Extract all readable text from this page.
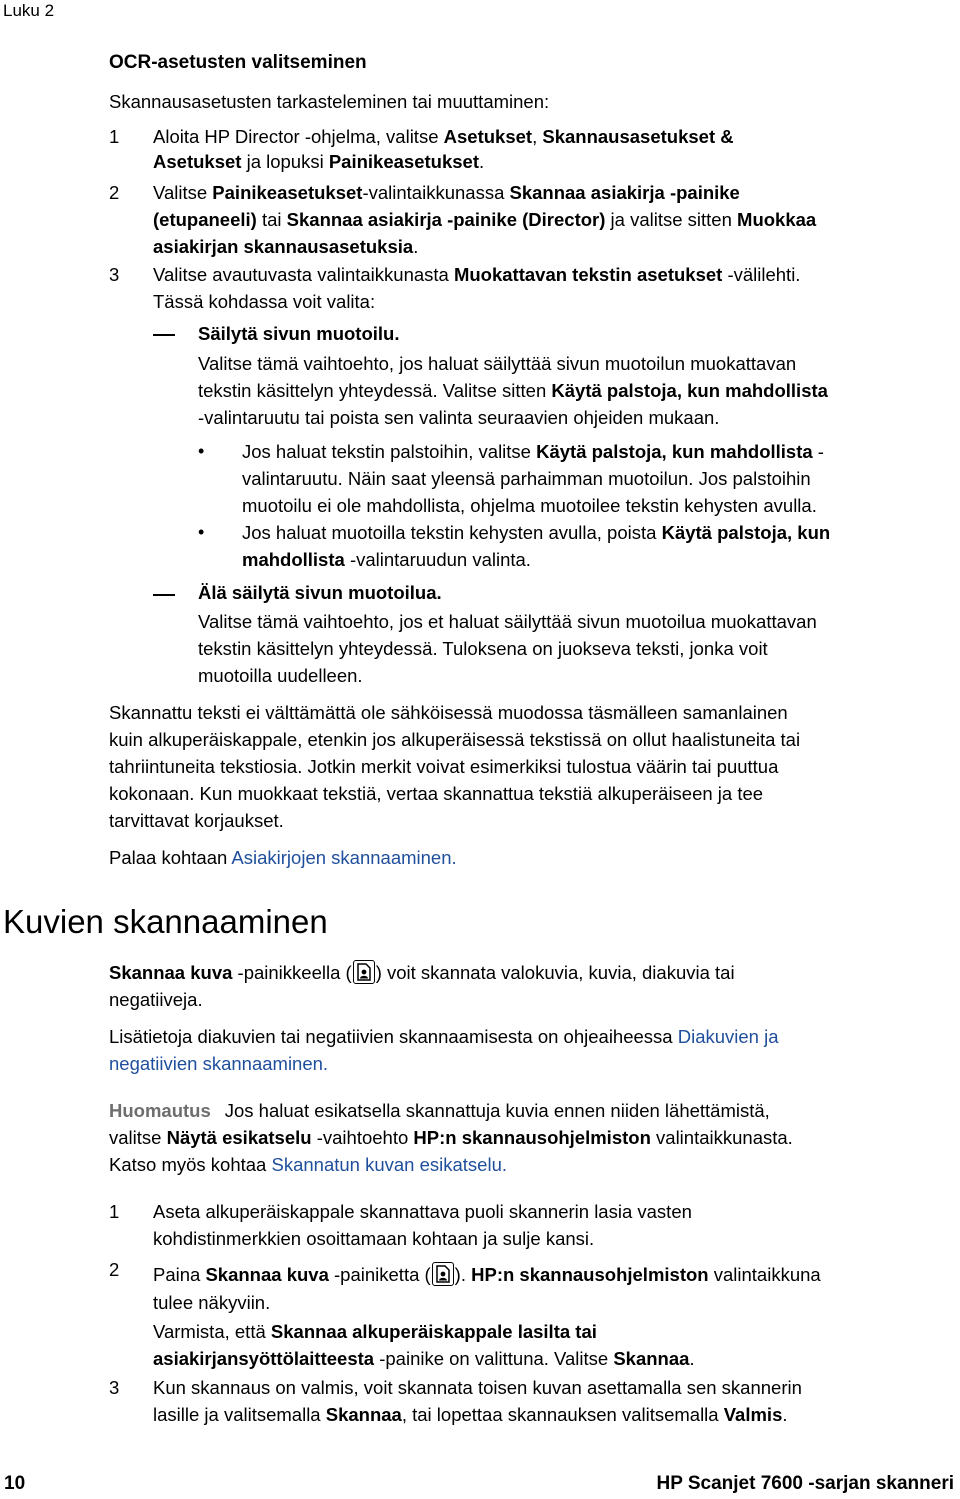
Luku 2
OCR-asetusten valitseminen
Skannausasetusten tarkasteleminen tai muuttaminen:
1 Aloita HP Director -ohjelma, valitse Asetukset, Skannausasetukset &
Asetukset ja lopuksi Painikeasetukset.
2 Valitse Painikeasetukset-valintaikkunassa Skannaa asiakirja -painike
(etupaneeli) tai Skannaa asiakirja -painike (Director) ja valitse sitten Muokkaa
asiakirjan skannausasetuksia.
3 Valitse avautuvasta valintaikkunasta Muokattavan tekstin asetukset -välilehti.
Tässä kohdassa voit valita:
Säilytä sivun muotoilu.
Valitse tämä vaihtoehto, jos haluat säilyttää sivun muotoilun muokattavan
tekstin käsittelyn yhteydessä. Valitse sitten Käytä palstoja, kun mahdollista
-valintaruutu tai poista sen valinta seuraavien ohjeiden mukaan.
• Jos haluat tekstin palstoihin, valitse Käytä palstoja, kun mahdollista -
valintaruutu. Näin saat yleensä parhaimman muotoilun. Jos palstoihin
muotoilu ei ole mahdollista, ohjelma muotoilee tekstin kehysten avulla.
• Jos haluat muotoilla tekstin kehysten avulla, poista Käytä palstoja, kun
mahdollista -valintaruudun valinta.
Älä säilytä sivun muotoilua.
Valitse tämä vaihtoehto, jos et haluat säilyttää sivun muotoilua muokattavan
tekstin käsittelyn yhteydessä. Tuloksena on juokseva teksti, jonka voit
muotoilla uudelleen.
Skannattu teksti ei välttämättä ole sähköisessä muodossa täsmälleen samanlainen
kuin alkuperäiskappale, etenkin jos alkuperäisessä tekstissä on ollut haalistuneita tai
tahriintuneita tekstiosia. Jotkin merkit voivat esimerkiksi tulostua väärin tai puuttua
kokonaan. Kun muokkaat tekstiä, vertaa skannattua tekstiä alkuperäiseen ja tee
tarvittavat korjaukset.
Palaa kohtaan Asiakirjojen skannaaminen.
Kuvien skannaaminen
Skannaa kuva -painikkeella ( ) voit skannata valokuvia, kuvia, diakuvia tai
negatiiveja.
Lisätietoja diakuvien tai negatiivien skannaamisesta on ohjeaiheessa Diakuvien ja
negatiivien skannaaminen.
Huomautus Jos haluat esikatsella skannattuja kuvia ennen niiden lähettämistä,
valitse Näytä esikatselu -vaihtoehto HP:n skannausohjelmiston valintaikkunasta.
Katso myös kohtaa Skannatun kuvan esikatselu.
1 Aseta alkuperäiskappale skannattava puoli skannerin lasia vasten
kohdistinmerkkien osoittamaan kohtaan ja sulje kansi.
2 Paina Skannaa kuva -painiketta ( ). HP:n skannausohjelmiston valintaikkuna
tulee näkyviin.
Varmista, että Skannaa alkuperäiskappale lasilta tai
asiakirjansyöttölaitteesta -painike on valittuna. Valitse Skannaa.
3 Kun skannaus on valmis, voit skannata toisen kuvan asettamalla sen skannerin
lasille ja valitsemalla Skannaa, tai lopettaa skannauksen valitsemalla Valmis.
10	HP Scanjet 7600 -sarjan skanneri
